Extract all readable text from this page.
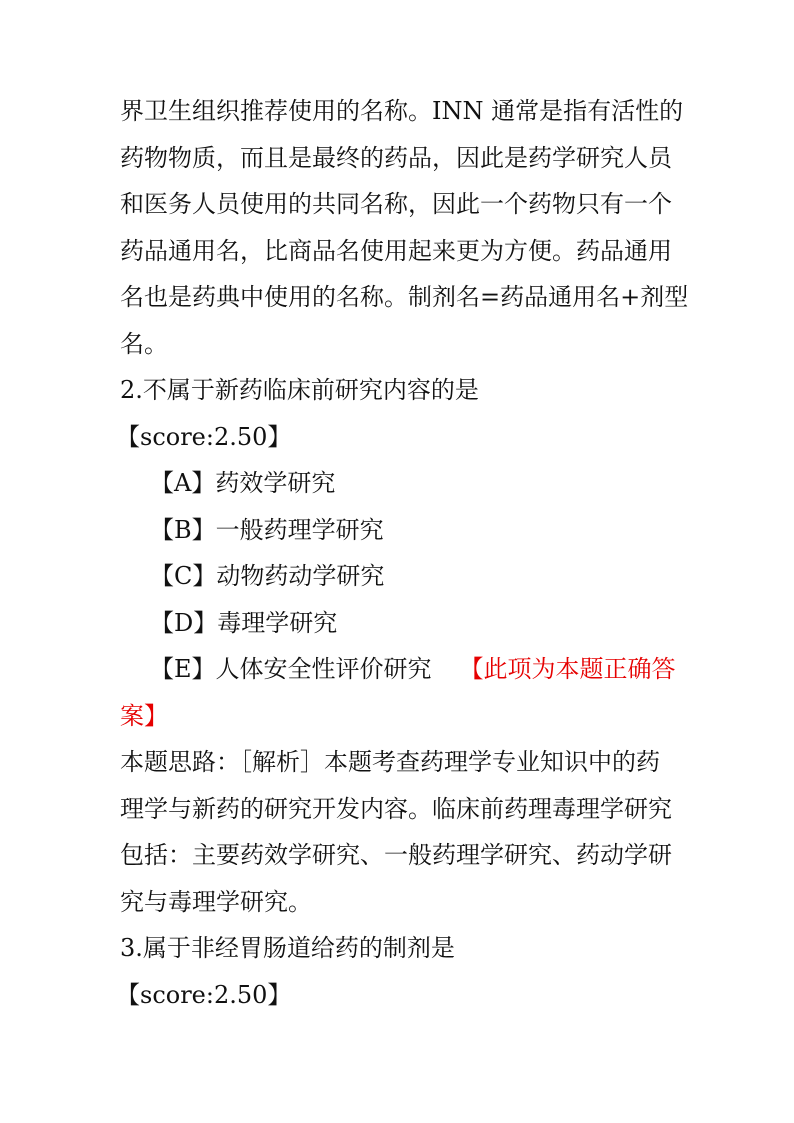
界卫生组织推荐使用的名称。INN 通常是指有活性的
药物物质，而且是最终的药品，因此是药学研究人员
和医务人员使用的共同名称，因此一个药物只有一个
药品通用名，比商品名使用起来更为方便。药品通用
名也是药典中使用的名称。制剂名=药品通用名+剂型
名。
2.不属于新药临床前研究内容的是
【score:2.50】
【A】药效学研究
【B】一般药理学研究
【C】动物药动学研究
【D】毒理学研究
【E】人体安全性评价研究 【此项为本题正确答
案】
本题思路：［解析］本题考查药理学专业知识中的药
理学与新药的研究开发内容。临床前药理毒理学研究
包括：主要药效学研究、一般药理学研究、药动学研
究与毒理学研究。
3.属于非经胃肠道给药的制剂是
【score:2.50】
